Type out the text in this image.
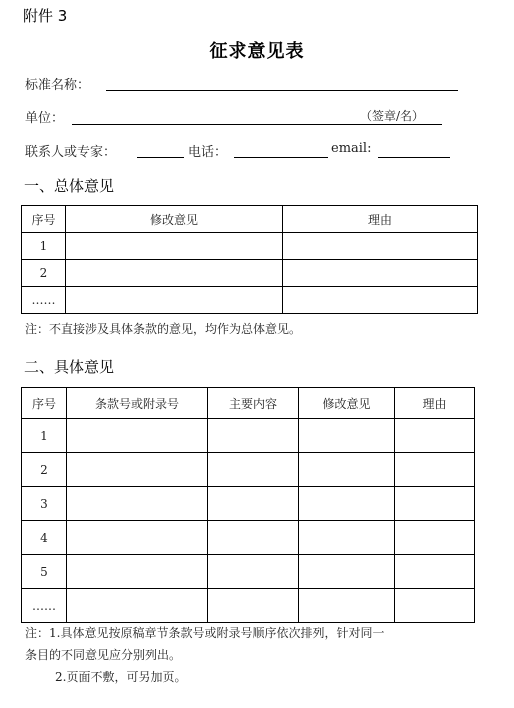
附件 3
征求意见表
标准名称：
单位：	（签章/名）
联系人或专家：	电话：	email:
一、总体意见
序号	修改意见	理由
1		
2		
……		
注：不直接涉及具体条款的意见，均作为总体意见。
二、具体意见
序号	条款号或附录号	主要内容	修改意见	理由
1				
2				
3				
4				
5				
……				
注：1.具体意见按原稿章节条款号或附录号顺序依次排列，针对同一
条目的不同意见应分别列出。
2.页面不敷，可另加页。
